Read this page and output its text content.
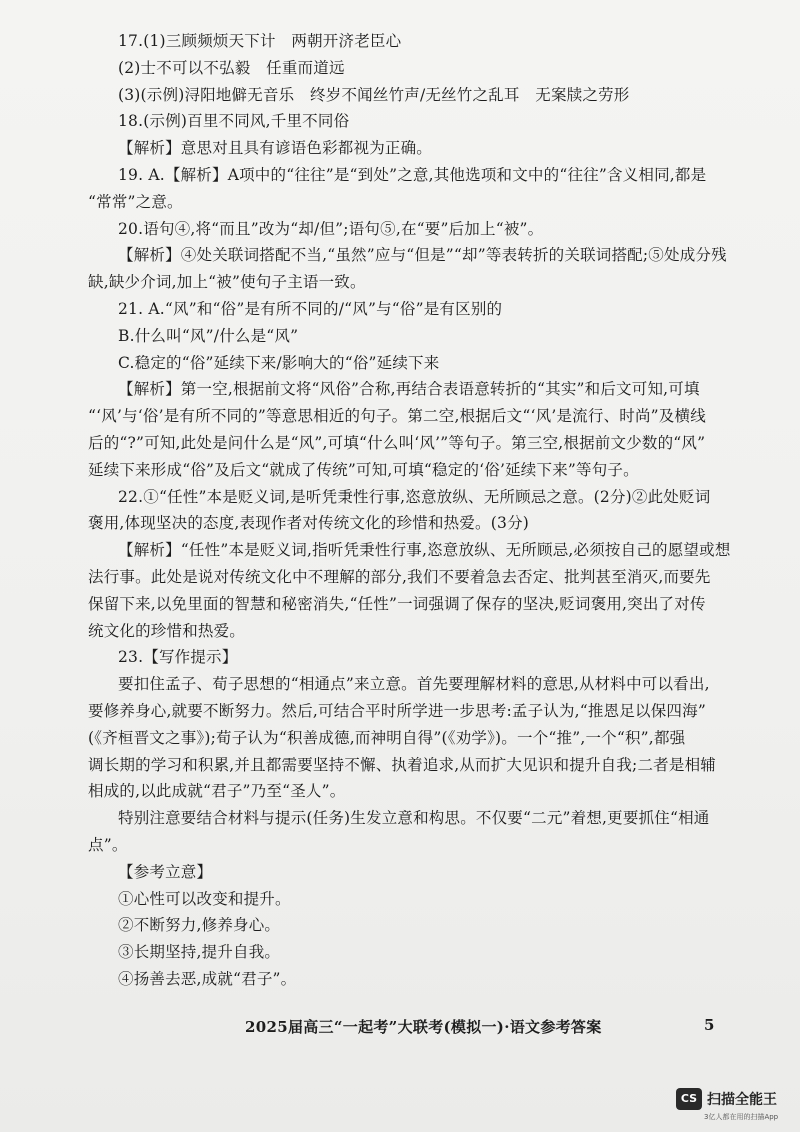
17.(1)三顾频烦天下计　两朝开济老臣心
(2)士不可以不弘毅　任重而道远
(3)(示例)浔阳地僻无音乐　终岁不闻丝竹声/无丝竹之乱耳　无案牍之劳形
18.(示例)百里不同风,千里不同俗
【解析】意思对且具有谚语色彩都视为正确。
19. A.【解析】A项中的“往往”是“到处”之意,其他选项和文中的“往往”含义相同,都是
“常常”之意。
20.语句④,将“而且”改为“却/但”;语句⑤,在“要”后加上“被”。
【解析】④处关联词搭配不当,“虽然”应与“但是”“却”等表转折的关联词搭配;⑤处成分残
缺,缺少介词,加上“被”使句子主语一致。
21. A.“风”和“俗”是有所不同的/“风”与“俗”是有区别的
B.什么叫“风”/什么是“风”
C.稳定的“俗”延续下来/影响大的“俗”延续下来
【解析】第一空,根据前文将“风俗”合称,再结合表语意转折的“其实”和后文可知,可填
“‘风’与‘俗’是有所不同的”等意思相近的句子。第二空,根据后文“‘风’是流行、时尚”及横线
后的“?”可知,此处是问什么是“风”,可填“什么叫‘风’”等句子。第三空,根据前文少数的“风”
延续下来形成“俗”及后文“就成了传统”可知,可填“稳定的‘俗’延续下来”等句子。
22.①“任性”本是贬义词,是听凭秉性行事,恣意放纵、无所顾忌之意。(2分)②此处贬词
褒用,体现坚决的态度,表现作者对传统文化的珍惜和热爱。(3分)
【解析】“任性”本是贬义词,指听凭秉性行事,恣意放纵、无所顾忌,必须按自己的愿望或想
法行事。此处是说对传统文化中不理解的部分,我们不要着急去否定、批判甚至消灭,而要先
保留下来,以免里面的智慧和秘密消失,“任性”一词强调了保存的坚决,贬词褒用,突出了对传
统文化的珍惜和热爱。
23.【写作提示】
要扣住孟子、荀子思想的“相通点”来立意。首先要理解材料的意思,从材料中可以看出,
要修养身心,就要不断努力。然后,可结合平时所学进一步思考:孟子认为,“推恩足以保四海”
(《齐桓晋文之事》);荀子认为“积善成德,而神明自得”(《劝学》)。一个“推”,一个“积”,都强
调长期的学习和积累,并且都需要坚持不懈、执着追求,从而扩大见识和提升自我;二者是相辅
相成的,以此成就“君子”乃至“圣人”。
特别注意要结合材料与提示(任务)生发立意和构思。不仅要“二元”着想,更要抓住“相通
点”。
【参考立意】
①心性可以改变和提升。
②不断努力,修养身心。
③长期坚持,提升自我。
④扬善去恶,成就“君子”。
2025届高三“一起考”大联考(模拟一)·语文参考答案	5
CS 扫描全能王
3亿人都在用的扫描App
